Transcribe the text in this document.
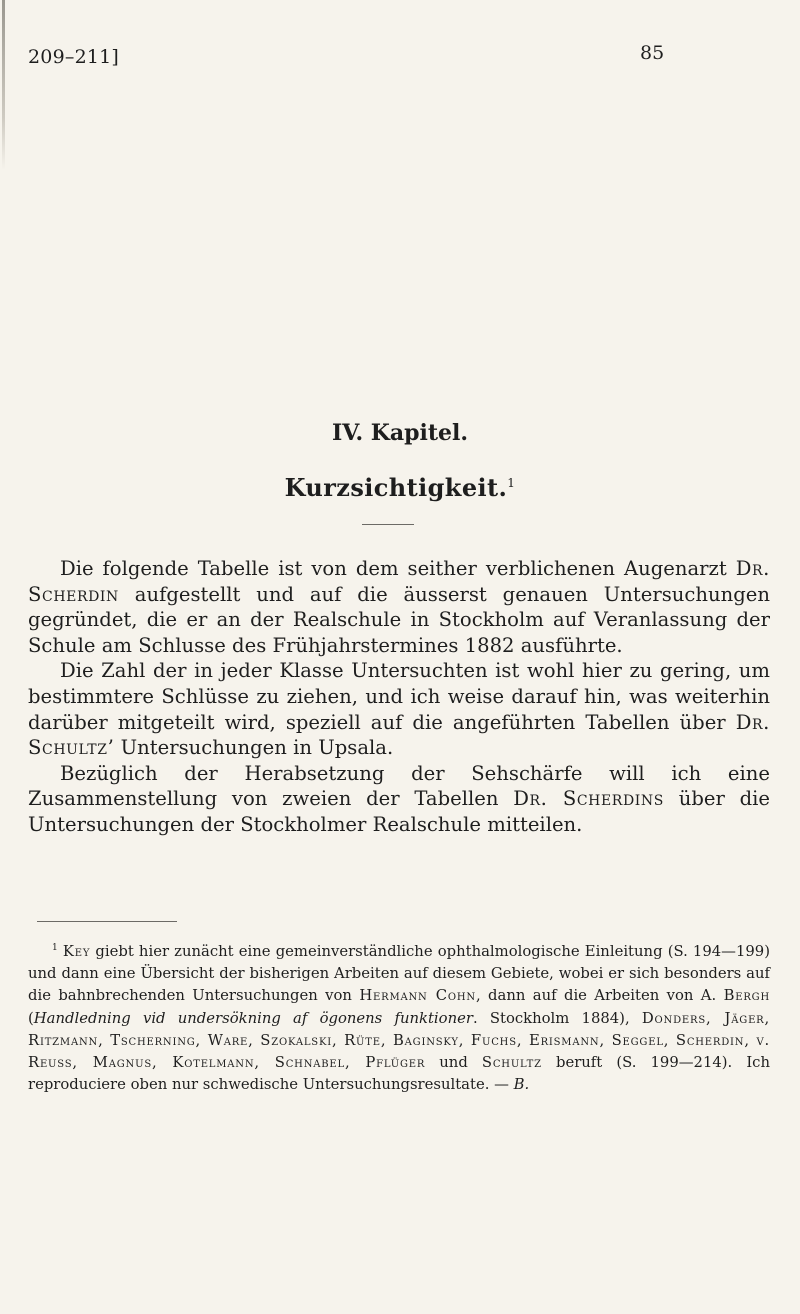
209–211]	85
IV. Kapitel.
Kurzsichtigkeit.$^1$

Die folgende Tabelle ist von dem seither verblichenen Augenarzt Dr. Scherdin aufgestellt und auf die äusserst genauen Untersuchungen gegründet, die er an der Realschule in Stockholm auf Veranlassung der Schule am Schlusse des Frühjahrstermines 1882 ausführte.

Die Zahl der in jeder Klasse Untersuchten ist wohl hier zu gering, um bestimmtere Schlüsse zu ziehen, und ich weise darauf hin, was weiterhin darüber mitgeteilt wird, speziell auf die angeführten Tabellen über Dr. Schultz’ Untersuchungen in Upsala.

Bezüglich der Herabsetzung der Sehschärfe will ich eine Zusammenstellung von zweien der Tabellen Dr. Scherdins über die Untersuchungen der Stockholmer Realschule mitteilen.

$^1$ Key giebt hier zunächt eine gemeinverständliche ophthalmologische Einleitung (S. 194—199) und dann eine Übersicht der bisherigen Arbeiten auf diesem Gebiete, wobei er sich besonders auf die bahnbrechenden Untersuchungen von Hermann Cohn, dann auf die Arbeiten von A. Bergh (Handledning vid undersökning af ögonens funktioner. Stockholm 1884), Donders, Jäger, Ritzmann, Tscherning, Ware, Szokalski, Rüte, Baginsky, Fuchs, Erismann, Seggel, Scherdin, v. Reuss, Magnus, Kotelmann, Schnabel, Pflüger und Schultz beruft (S. 199—214). Ich reproduciere oben nur schwedische Untersuchungsresultate. — B.
